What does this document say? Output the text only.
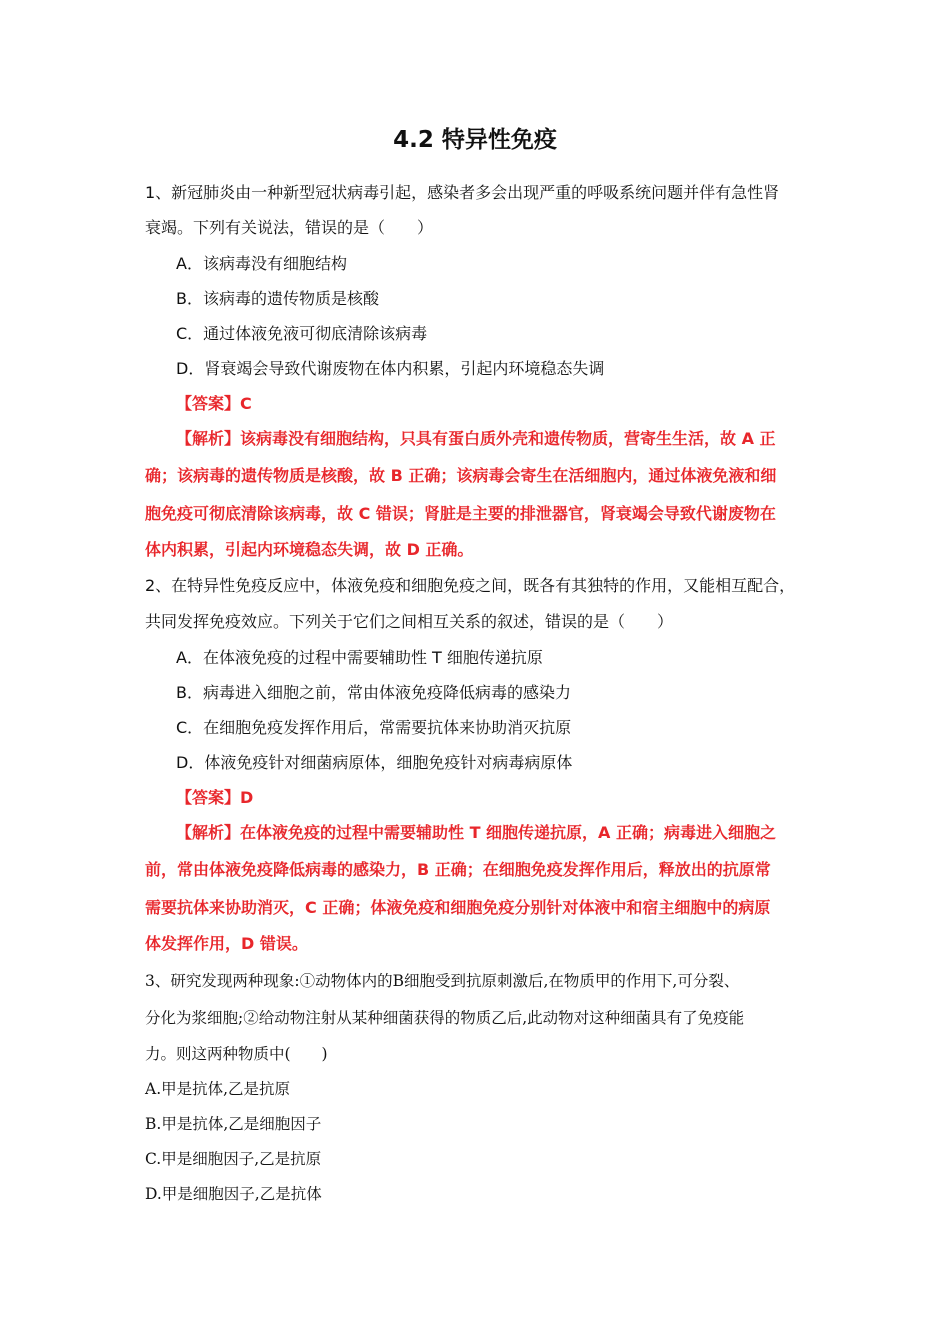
4.2 特异性免疫
1、新冠肺炎由一种新型冠状病毒引起，感染者多会出现严重的呼吸系统问题并伴有急性肾
衰竭。下列有关说法，错误的是（　　）
A．该病毒没有细胞结构
B．该病毒的遗传物质是核酸
C．通过体液免液可彻底清除该病毒
D．肾衰竭会导致代谢废物在体内积累，引起内环境稳态失调
【答案】C
【解析】该病毒没有细胞结构，只具有蛋白质外壳和遗传物质，营寄生生活，故 A 正
确；该病毒的遗传物质是核酸，故 B 正确；该病毒会寄生在活细胞内，通过体液免液和细
胞免疫可彻底清除该病毒，故 C 错误；肾脏是主要的排泄器官，肾衰竭会导致代谢废物在
体内积累，引起内环境稳态失调，故 D 正确。
2、在特异性免疫反应中，体液免疫和细胞免疫之间，既各有其独特的作用，又能相互配合，
共同发挥免疫效应。下列关于它们之间相互关系的叙述，错误的是（　　）
A．在体液免疫的过程中需要辅助性 T 细胞传递抗原
B．病毒进入细胞之前，常由体液免疫降低病毒的感染力
C．在细胞免疫发挥作用后，常需要抗体来协助消灭抗原
D．体液免疫针对细菌病原体，细胞免疫针对病毒病原体
【答案】D
【解析】在体液免疫的过程中需要辅助性 T 细胞传递抗原，A 正确；病毒进入细胞之
前，常由体液免疫降低病毒的感染力，B 正确；在细胞免疫发挥作用后，释放出的抗原常
需要抗体来协助消灭，C 正确；体液免疫和细胞免疫分别针对体液中和宿主细胞中的病原
体发挥作用，D 错误。
3、研究发现两种现象:①动物体内的B细胞受到抗原刺激后,在物质甲的作用下,可分裂、
分化为浆细胞;②给动物注射从某种细菌获得的物质乙后,此动物对这种细菌具有了免疫能
力。则这两种物质中(　　)
A.甲是抗体,乙是抗原
B.甲是抗体,乙是细胞因子
C.甲是细胞因子,乙是抗原
D.甲是细胞因子,乙是抗体
